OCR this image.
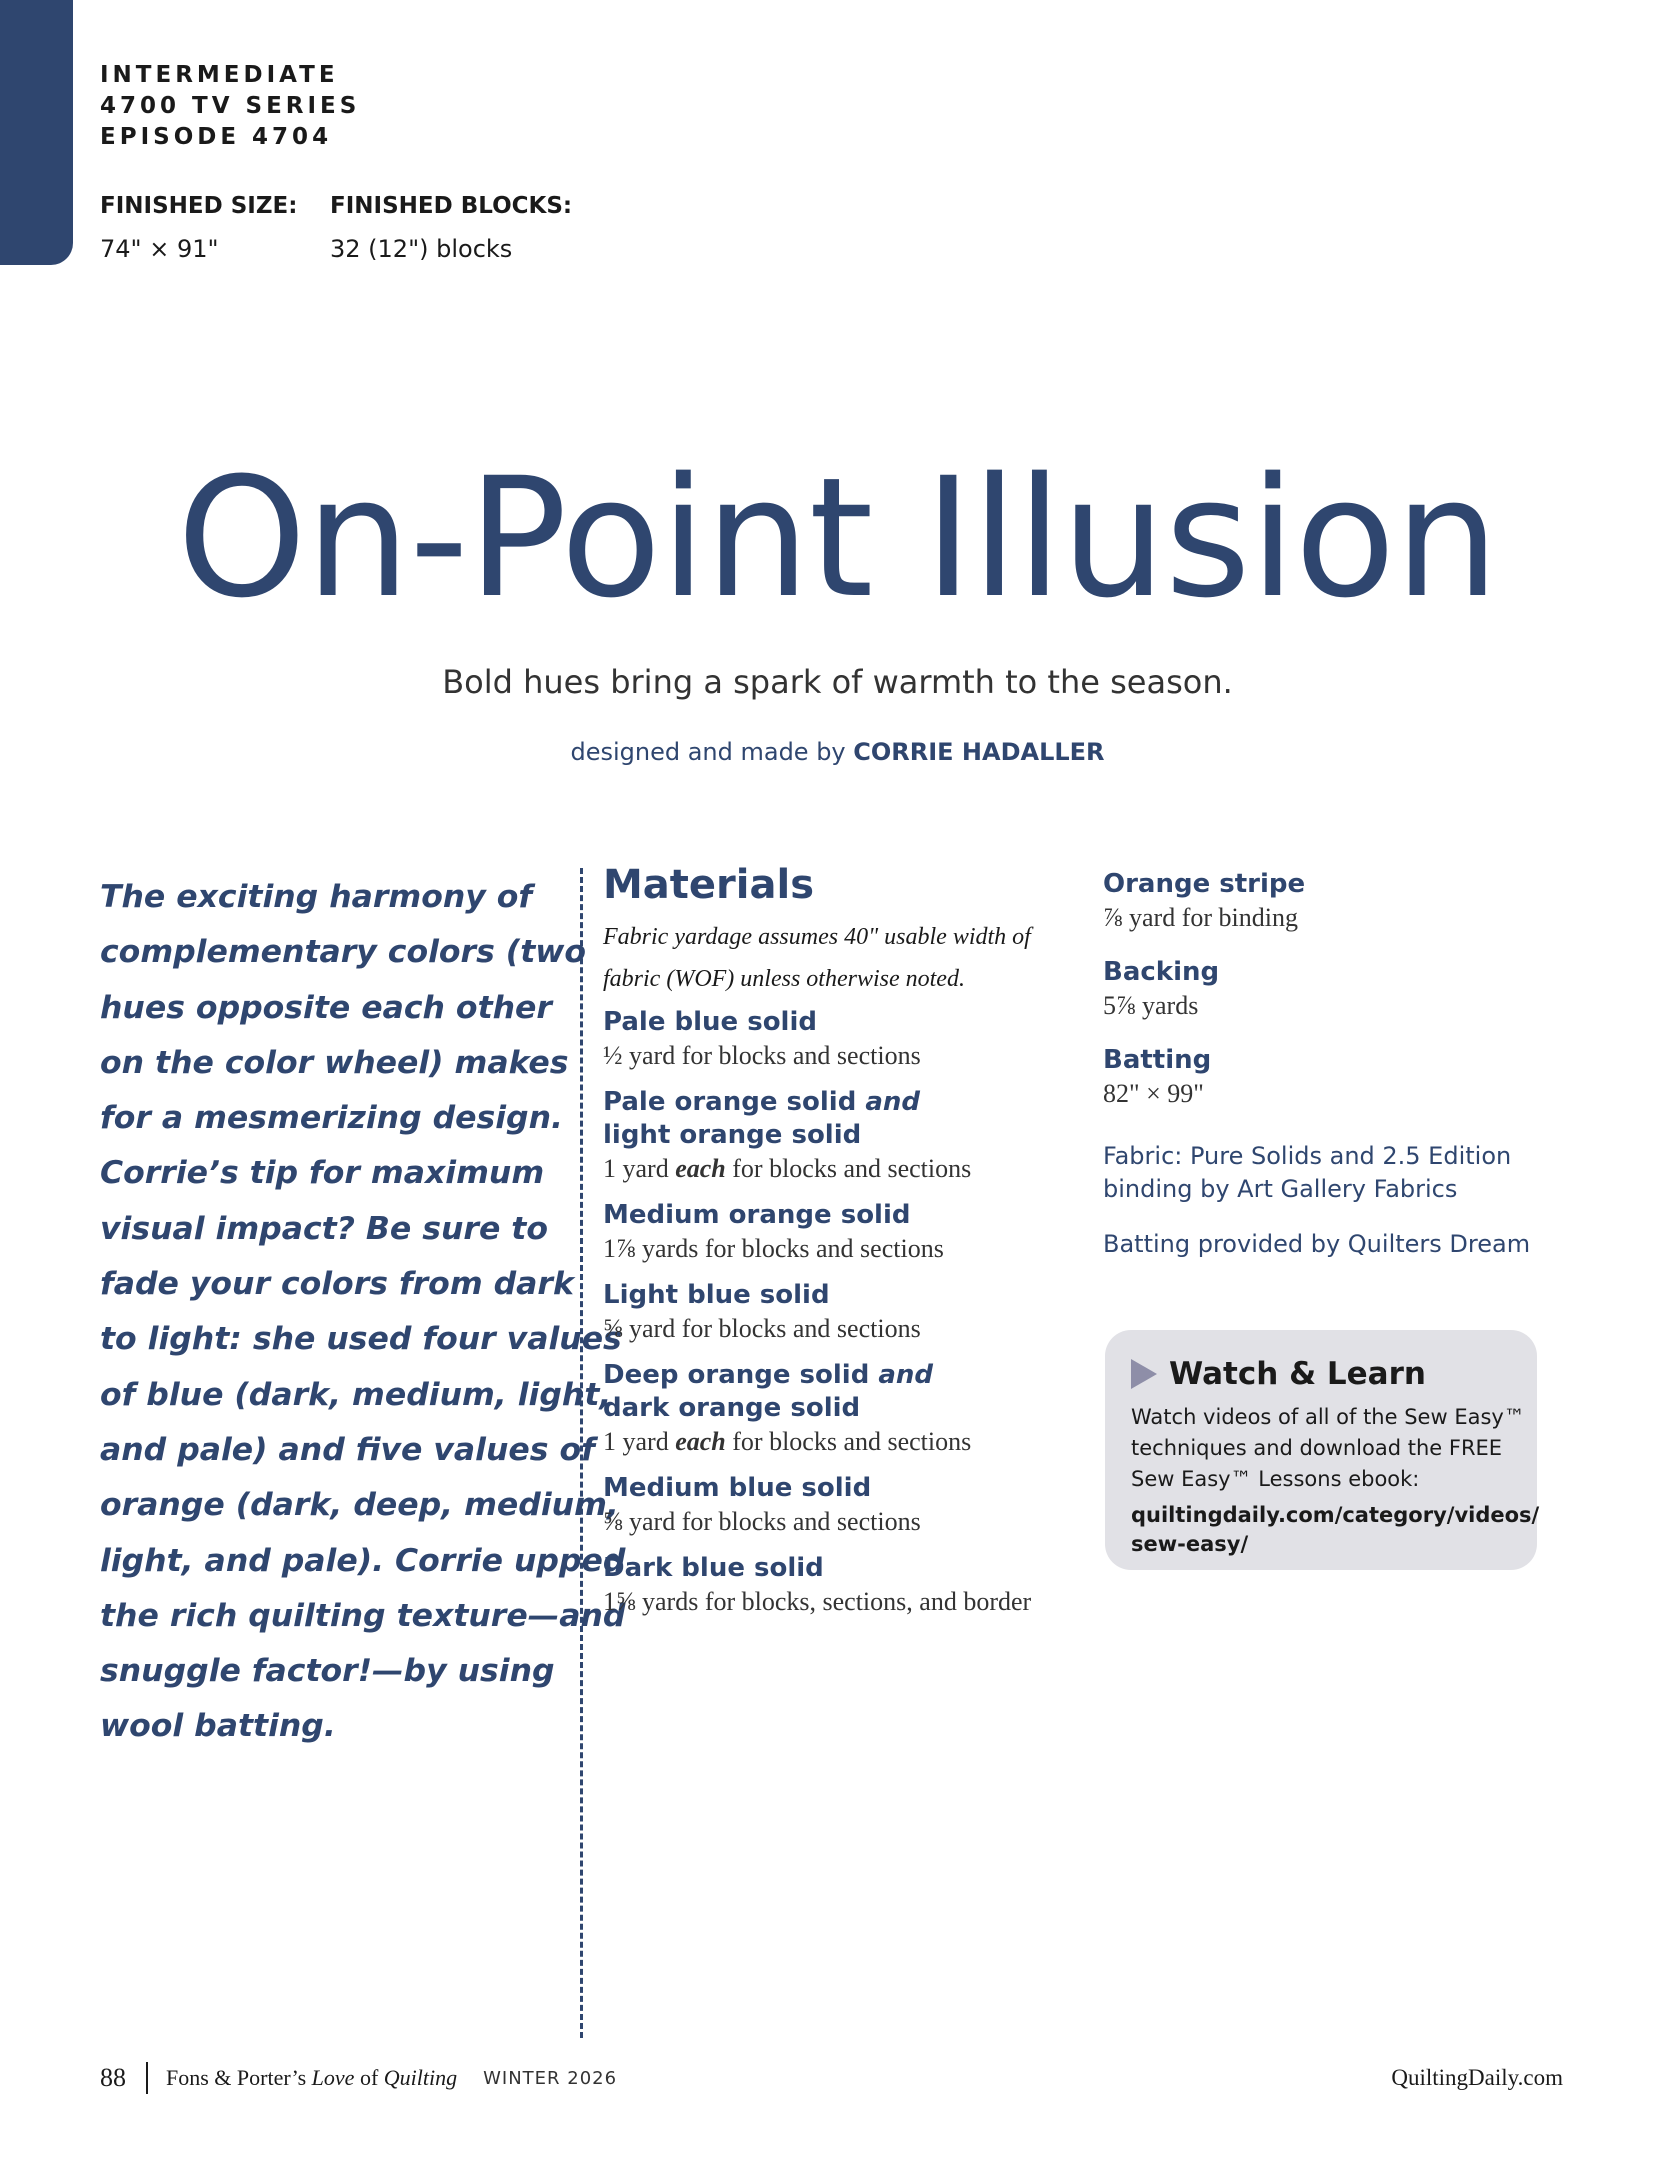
INTERMEDIATE
4700 TV SERIES
EPISODE 4704
FINISHED SIZE:
74" × 91"
FINISHED BLOCKS:
32 (12") blocks
On-Point Illusion
Bold hues bring a spark of warmth to the season.
designed and made by CORRIE HADALLER
The exciting harmony of
complementary colors (two
hues opposite each other
on the color wheel) makes
for a mesmerizing design.
Corrie’s tip for maximum
visual impact? Be sure to
fade your colors from dark
to light: she used four values
of blue (dark, medium, light,
and pale) and five values of
orange (dark, deep, medium,
light, and pale). Corrie upped
the rich quilting texture—and
snuggle factor!—by using
wool batting.
Materials
Fabric yardage assumes 40" usable width of
fabric (WOF) unless otherwise noted.
Pale blue solid
½ yard for blocks and sections
Pale orange solid and
light orange solid
1 yard each for blocks and sections
Medium orange solid
1⅞ yards for blocks and sections
Light blue solid
⅝ yard for blocks and sections
Deep orange solid and
dark orange solid
1 yard each for blocks and sections
Medium blue solid
⅝ yard for blocks and sections
Dark blue solid
1⅝ yards for blocks, sections, and border
Orange stripe
⅞ yard for binding
Backing
5⅞ yards
Batting
82" × 99"
Fabric: Pure Solids and 2.5 Edition
binding by Art Gallery Fabrics
Batting provided by Quilters Dream
Watch & Learn
Watch videos of all of the Sew Easy™
techniques and download the FREE
Sew Easy™ Lessons ebook:
quiltingdaily.com/category/videos/
sew-easy/
88 Fons & Porter’s Love of Quilting WINTER 2026	QuiltingDaily.com
